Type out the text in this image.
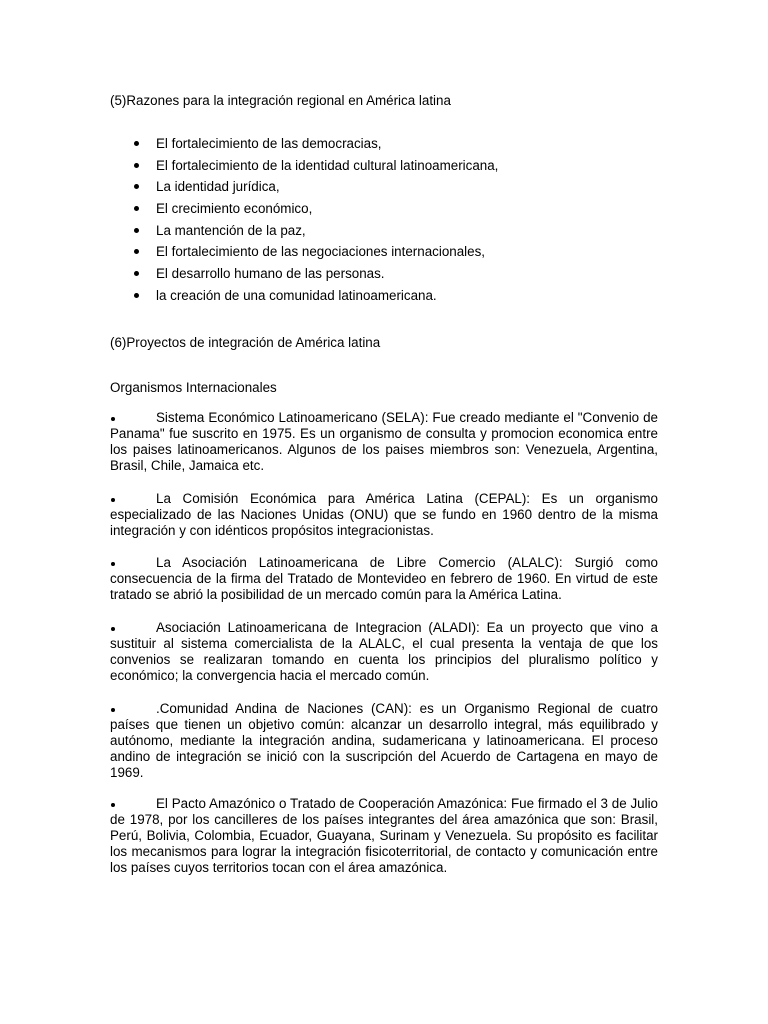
(5)Razones para la integración regional en América latina
El fortalecimiento de las democracias,
El fortalecimiento de la identidad cultural latinoamericana,
La identidad jurídica,
El crecimiento económico,
La mantención de la paz,
El fortalecimiento de las negociaciones internacionales,
El desarrollo humano de las personas.
la creación de una comunidad latinoamericana.
(6)Proyectos de integración de América latina
Organismos Internacionales

Sistema Económico Latinoamericano (SELA): Fue creado mediante el "Convenio de Panama" fue suscrito en 1975. Es un organismo de consulta y promocion economica entre los paises latinoamericanos. Algunos de los paises miembros son: Venezuela, Argentina, Brasil, Chile, Jamaica etc.

La Comisión Económica para América Latina (CEPAL): Es un organismo especializado de las Naciones Unidas (ONU) que se fundo en 1960 dentro de la misma integración y con idénticos propósitos integracionistas.

La Asociación Latinoamericana de Libre Comercio (ALALC): Surgió como consecuencia de la firma del Tratado de Montevideo en febrero de 1960. En virtud de este tratado se abrió la posibilidad de un mercado común para la América Latina.

Asociación Latinoamericana de Integracion (ALADI): Ea un proyecto que vino a sustituir al sistema comercialista de la ALALC, el cual presenta la ventaja de que los convenios se realizaran tomando en cuenta los principios del pluralismo político y económico; la convergencia hacia el mercado común.

.Comunidad Andina de Naciones (CAN): es un Organismo Regional de cuatro países que tienen un objetivo común: alcanzar un desarrollo integral, más equilibrado y autónomo, mediante la integración andina, sudamericana y latinoamericana. El proceso andino de integración se inició con la suscripción del Acuerdo de Cartagena en mayo de 1969.

El Pacto Amazónico o Tratado de Cooperación Amazónica: Fue firmado el 3 de Julio de 1978, por los cancilleres de los países integrantes del área amazónica que son: Brasil, Perú, Bolivia, Colombia, Ecuador, Guayana, Surinam y Venezuela. Su propósito es facilitar los mecanismos para lograr la integración fisicoterritorial, de contacto y comunicación entre los países cuyos territorios tocan con el área amazónica.
